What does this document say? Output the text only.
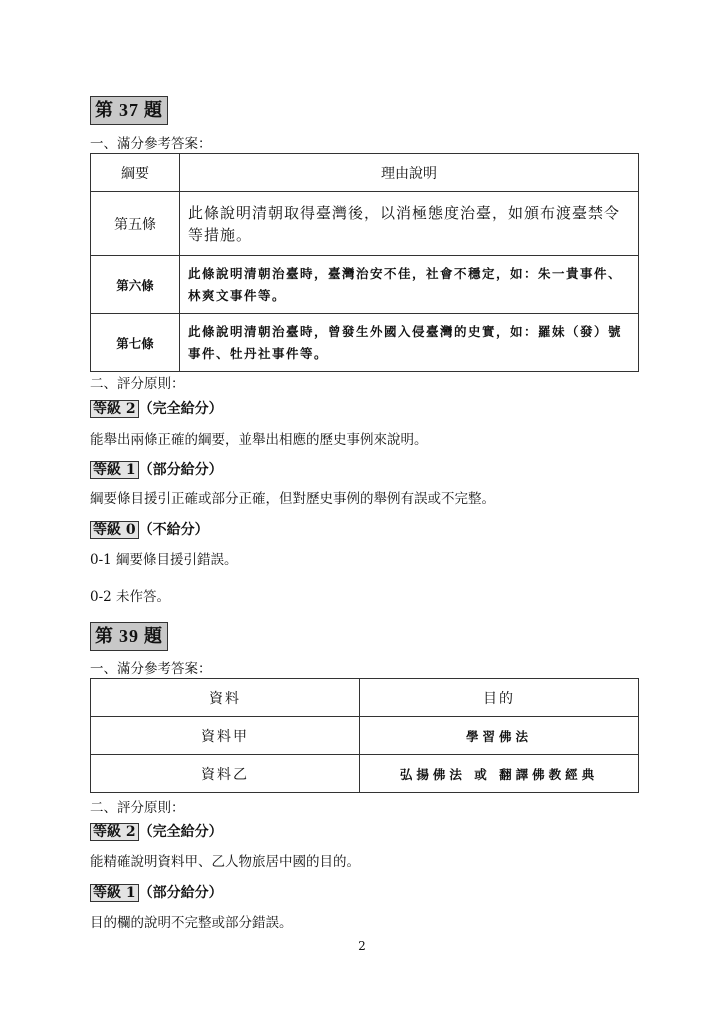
第 37 題
一、滿分參考答案：
綱要	理由說明
第五條	此條說明清朝取得臺灣後，以消極態度治臺，如頒布渡臺禁令等措施。
第六條	此條說明清朝治臺時，臺灣治安不佳，社會不穩定，如：朱一貴事件、林爽文事件等。
第七條	此條說明清朝治臺時，曾發生外國入侵臺灣的史實，如：羅妹（發）號事件、牡丹社事件等。
二、評分原則：
等級 2 （完全給分）
能舉出兩條正確的綱要，並舉出相應的歷史事例來說明。
等級 1 （部分給分）
綱要條目援引正確或部分正確，但對歷史事例的舉例有誤或不完整。
等級 0 （不給分）
0-1 綱要條目援引錯誤。
0-2 未作答。
第 39 題
一、滿分參考答案：
資料	目的
資料甲	學習佛法
資料乙	弘揚佛法 或 翻譯佛教經典
二、評分原則：
等級 2 （完全給分）
能精確說明資料甲、乙人物旅居中國的目的。
等級 1 （部分給分）
目的欄的說明不完整或部分錯誤。
2
